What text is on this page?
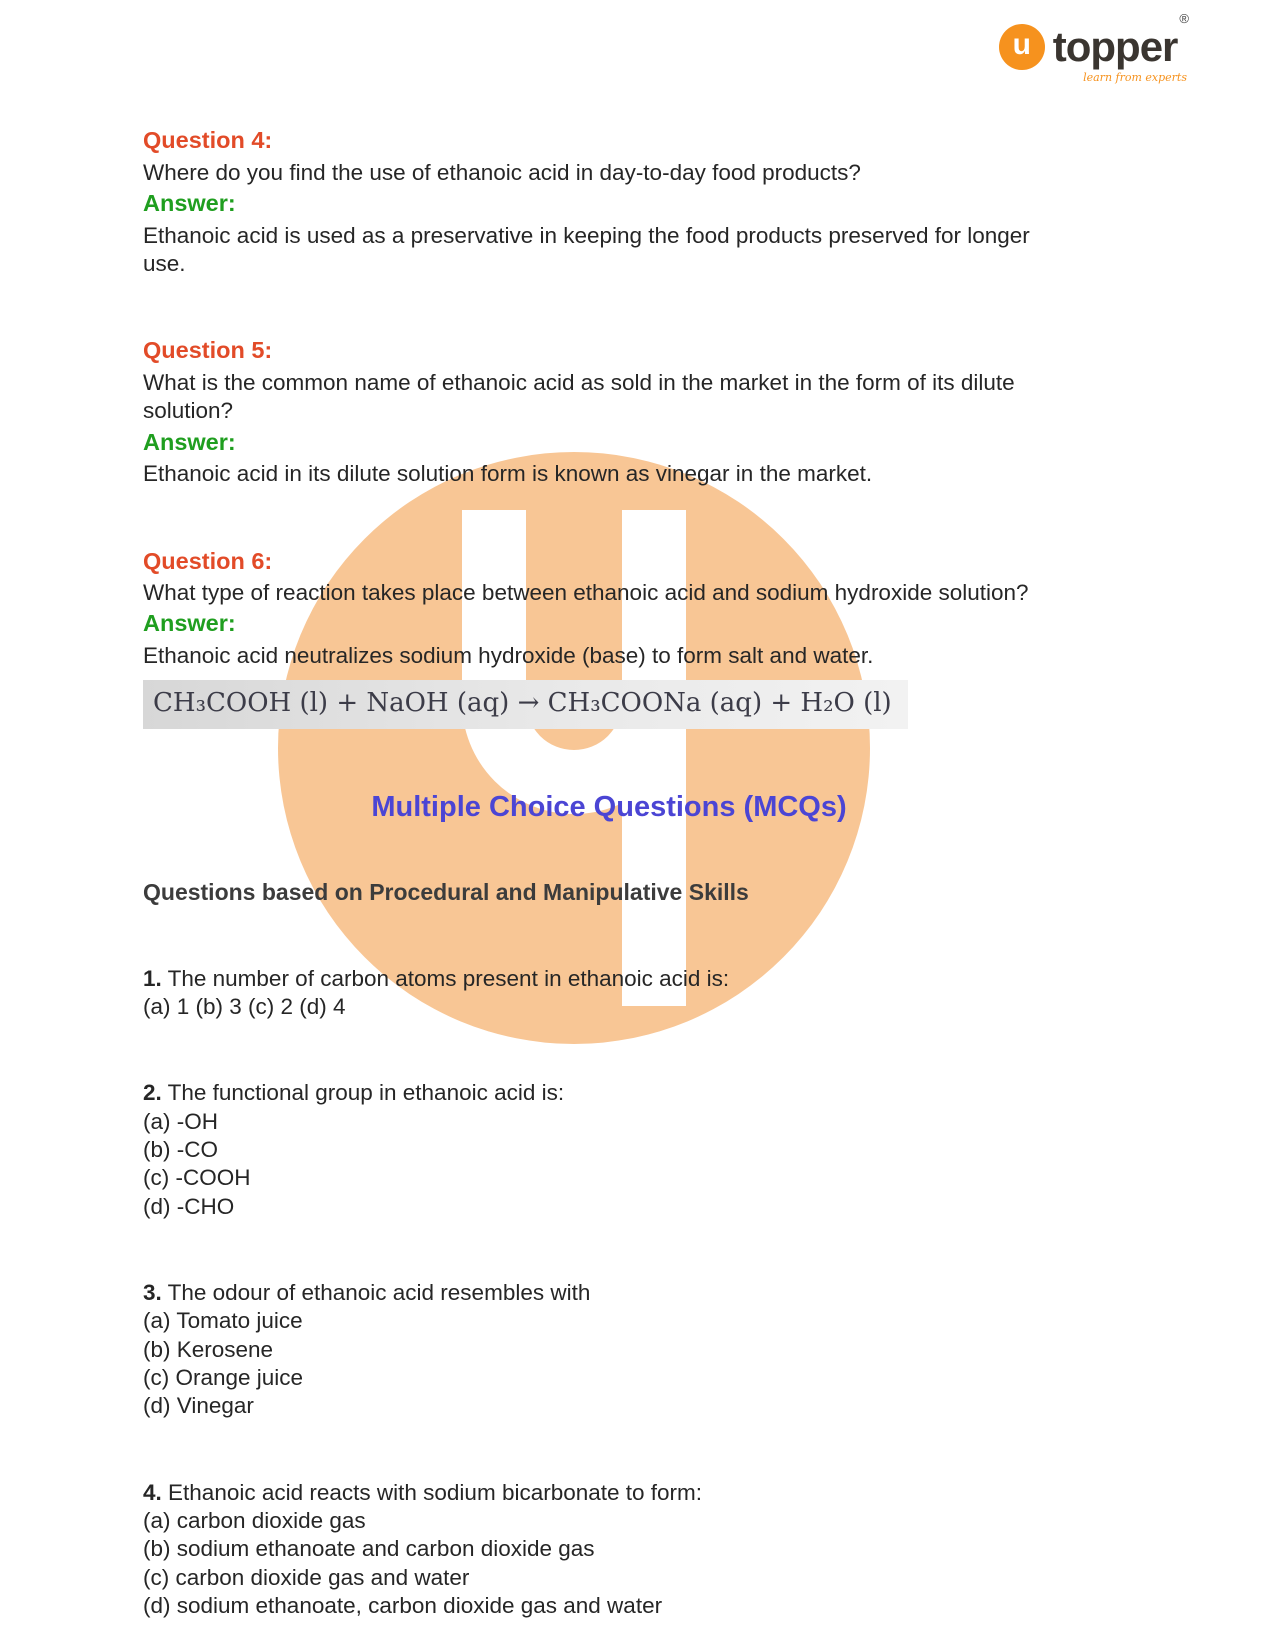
u topper®
learn from experts

Question 4:

Where do you find the use of ethanoic acid in day-to-day food products?

Answer:

Ethanoic acid is used as a preservative in keeping the food products preserved for longer use.

Question 5:

What is the common name of ethanoic acid as sold in the market in the form of its dilute solution?

Answer:

Ethanoic acid in its dilute solution form is known as vinegar in the market.

Question 6:

What type of reaction takes place between ethanoic acid and sodium hydroxide solution?

Answer:

Ethanoic acid neutralizes sodium hydroxide (base) to form salt and water.

CH₃COOH (l) + NaOH (aq) → CH₃COONa (aq) + H₂O (l)
Multiple Choice Questions (MCQs)

Questions based on Procedural and Manipulative Skills

1. The number of carbon atoms present in ethanoic acid is:

(a) 1 (b) 3 (c) 2 (d) 4

2. The functional group in ethanoic acid is:

(a) -OH

(b) -CO

(c) -COOH

(d) -CHO

3. The odour of ethanoic acid resembles with

(a) Tomato juice

(b) Kerosene

(c) Orange juice

(d) Vinegar

4. Ethanoic acid reacts with sodium bicarbonate to form:

(a) carbon dioxide gas

(b) sodium ethanoate and carbon dioxide gas

(c) carbon dioxide gas and water

(d) sodium ethanoate, carbon dioxide gas and water
